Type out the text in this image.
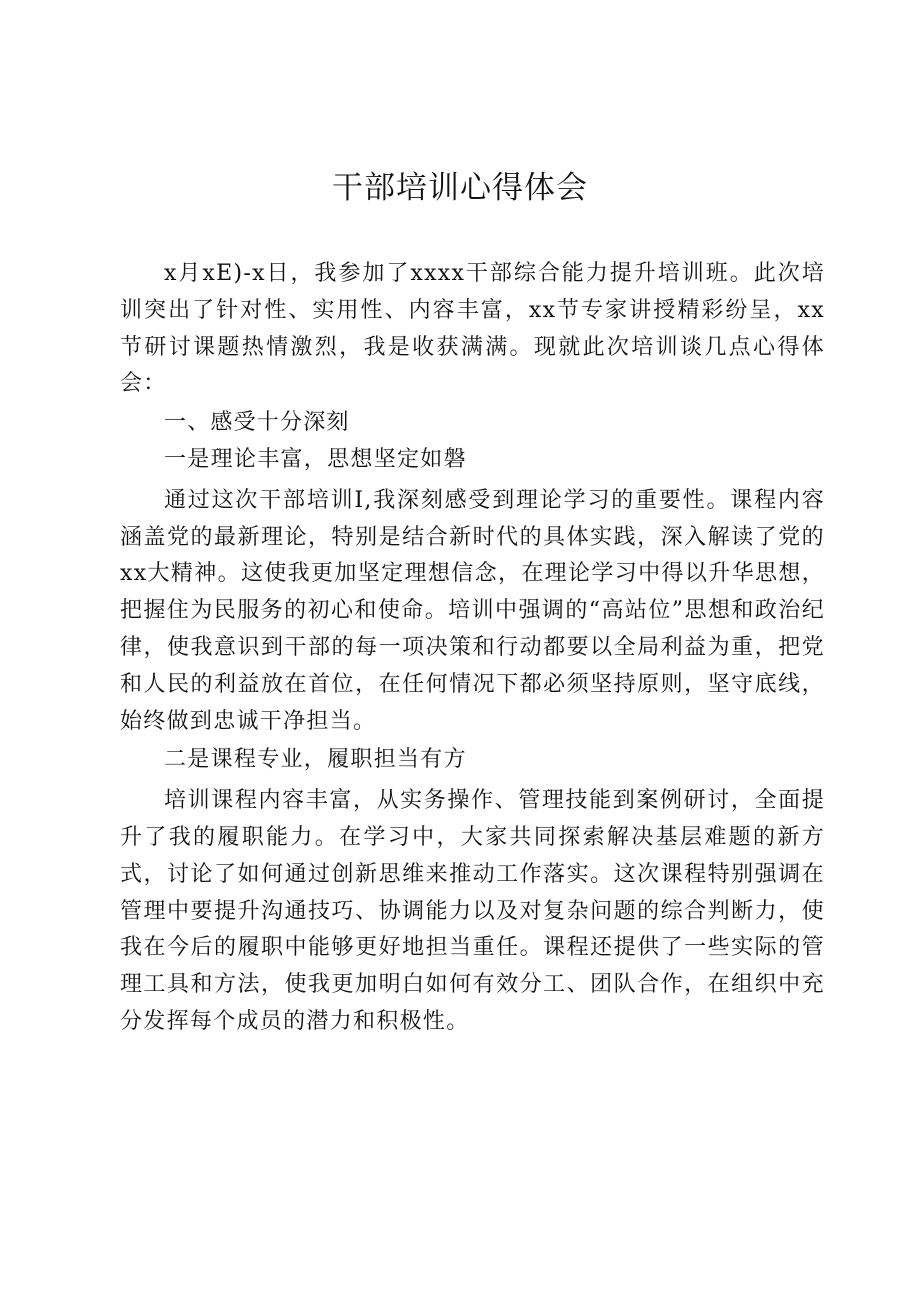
干部培训心得体会

x月xE)-x日，我参加了xxxx干部综合能力提升培训班。此次培训突出了针对性、实用性、内容丰富，xx节专家讲授精彩纷呈，xx节研讨课题热情激烈，我是收获满满。现就此次培训谈几点心得体会：

一、感受十分深刻

一是理论丰富，思想坚定如磐

通过这次干部培训I,我深刻感受到理论学习的重要性。课程内容涵盖党的最新理论，特别是结合新时代的具体实践，深入解读了党的xx大精神。这使我更加坚定理想信念，在理论学习中得以升华思想，把握住为民服务的初心和使命。培训中强调的“高站位”思想和政治纪律，使我意识到干部的每一项决策和行动都要以全局利益为重，把党和人民的利益放在首位，在任何情况下都必须坚持原则，坚守底线，始终做到忠诚干净担当。

二是课程专业，履职担当有方

培训课程内容丰富，从实务操作、管理技能到案例研讨，全面提升了我的履职能力。在学习中，大家共同探索解决基层难题的新方式，讨论了如何通过创新思维来推动工作落实。这次课程特别强调在管理中要提升沟通技巧、协调能力以及对复杂问题的综合判断力，使我在今后的履职中能够更好地担当重任。课程还提供了一些实际的管理工具和方法，使我更加明白如何有效分工、团队合作，在组织中充分发挥每个成员的潜力和积极性。
